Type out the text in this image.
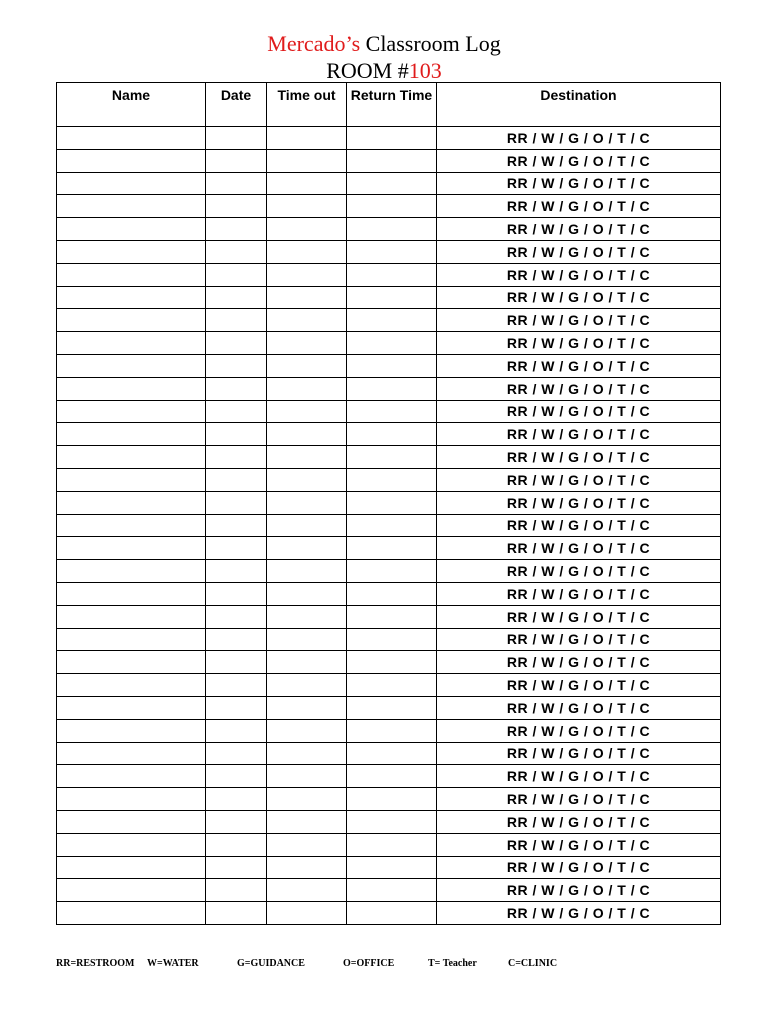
Mercado’s Classroom Log
ROOM #103
Name	Date	Time out	Return Time	Destination
				RR / W / G / O / T / C
				RR / W / G / O / T / C
				RR / W / G / O / T / C
				RR / W / G / O / T / C
				RR / W / G / O / T / C
				RR / W / G / O / T / C
				RR / W / G / O / T / C
				RR / W / G / O / T / C
				RR / W / G / O / T / C
				RR / W / G / O / T / C
				RR / W / G / O / T / C
				RR / W / G / O / T / C
				RR / W / G / O / T / C
				RR / W / G / O / T / C
				RR / W / G / O / T / C
				RR / W / G / O / T / C
				RR / W / G / O / T / C
				RR / W / G / O / T / C
				RR / W / G / O / T / C
				RR / W / G / O / T / C
				RR / W / G / O / T / C
				RR / W / G / O / T / C
				RR / W / G / O / T / C
				RR / W / G / O / T / C
				RR / W / G / O / T / C
				RR / W / G / O / T / C
				RR / W / G / O / T / C
				RR / W / G / O / T / C
				RR / W / G / O / T / C
				RR / W / G / O / T / C
				RR / W / G / O / T / C
				RR / W / G / O / T / C
				RR / W / G / O / T / C
				RR / W / G / O / T / C
				RR / W / G / O / T / C
RR=RESTROOM W=WATER	G=GUIDANCE	O=OFFICE	T= Teacher	C=CLINIC
